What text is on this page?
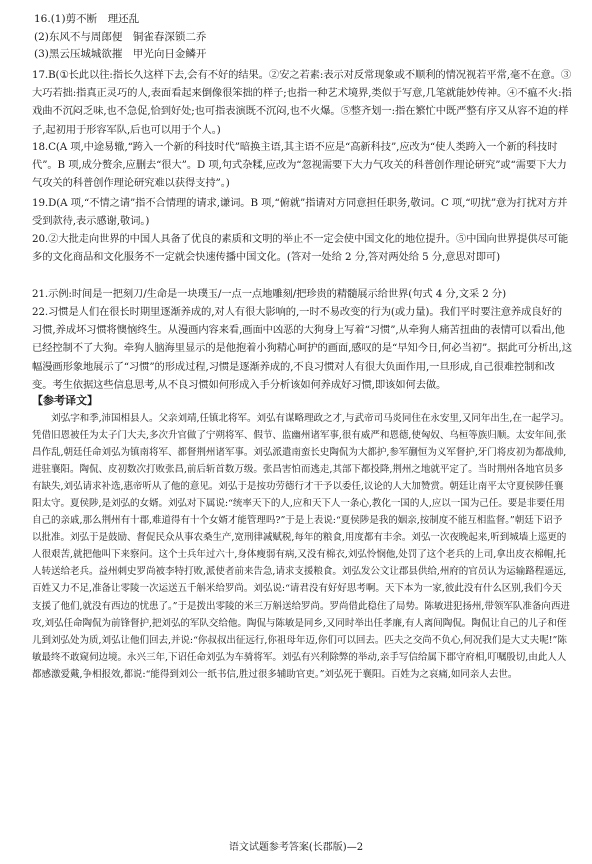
16.(1)剪不断　理还乱
(2)东风不与周郎便　铜雀春深锁二乔
(3)黑云压城城欲摧　甲光向日金鳞开

17.B(①长此以往:指长久这样下去,会有不好的结果。②安之若素:表示对反常现象或不顺利的情况视若平常,毫不在意。③大巧若拙:指真正灵巧的人,表面看起来倒像很笨拙的样子;也指一种艺术境界,类似于写意,几笔就能妙传神。④不瘟不火:指戏曲不沉闷乏味,也不急促,恰到好处;也可指表演既不沉闷,也不火爆。⑤整齐划一:指在繁忙中既严整有序又从容不迫的样子,起初用于形容军队,后也可以用于个人。)

18.C(A 项,中途易辙,“跨入一个新的科技时代”暗换主语,其主语不应是“高新科技”,应改为“使人类跨入一个新的科技时代”。B 项,成分赘余,应删去“很大”。D 项,句式杂糅,应改为“忽视需要下大力气攻关的科普创作理论研究”或“需要下大力气攻关的科普创作理论研究难以获得支持”。)

19.D(A 项,“不情之请”指不合情理的请求,谦词。B 项,“俯就”指请对方同意担任职务,敬词。C 项,“叨扰”意为打扰对方并受到款待,表示感谢,敬词。)

20.②大批走向世界的中国人具备了优良的素质和文明的举止不一定会使中国文化的地位提升。⑤中国向世界提供尽可能多的文化商品和文化服务不一定就会快速传播中国文化。(答对一处给 2 分,答对两处给 5 分,意思对即可)

21.示例:时间是一把刻刀/生命是一块璞玉/一点一点地雕刻/把珍贵的精髓展示给世界(句式 4 分,文采 2 分)

22.习惯是人们在很长时期里逐渐养成的,对人有很大影响的,一时不易改变的行为(或力量)。我们平时要注意养成良好的习惯,养成坏习惯将懊恼终生。从漫画内容来看,画面中凶恶的大狗身上写着“习惯”,从牵狗人痛苦扭曲的表情可以看出,他已经控制不了大狗。牵狗人脑海里显示的是他抱着小狗精心呵护的画面,感叹的是“早知今日,何必当初”。据此可分析出,这幅漫画形象地展示了“习惯”的形成过程,习惯是逐渐养成的,不良习惯对人有很大负面作用,一旦形成,自己很难控制和改变。考生依据这些信息思考,从不良习惯如何形成入手分析该如何养成好习惯,即该如何去做。

【参考译文】

刘弘字和季,沛国相县人。父亲刘靖,任镇北将军。刘弘有谋略理政之才,与武帝司马炎同住在永安里,又同年出生,在一起学习。凭借旧恩被任为太子门大夫,多次升官做了宁朔将军、假节、监幽州诸军事,很有威严和恩德,使匈奴、乌桓等族归顺。太安年间,张昌作乱,朝廷任命刘弘为镇南将军、都督荆州诸军事。刘弘派遣南蛮长史陶侃为大都护,参军蒯恒为义军督护,牙门将皮初为都战帅,进驻襄阳。陶侃、皮初数次打败张昌,前后斩首数万级。张昌害怕而逃走,其部下都投降,荆州之地就平定了。当时荆州各地官员多有缺失,刘弘请求补选,惠帝听从了他的意见。刘弘于是按功劳德行才干予以委任,议论的人大加赞赏。朝廷让南平太守夏侯陟任襄阳太守。夏侯陟,是刘弘的女婿。刘弘对下属说:“统率天下的人,应和天下人一条心,教化一国的人,应以一国为己任。要是非要任用自己的亲戚,那么荆州有十郡,难道得有十个女婿才能管理吗?”于是上表说:“夏侯陟是我的姻亲,按制度不能互相监督。”朝廷下诏予以批准。刘弘于是鼓励、督促民众从事农桑生产,宽刑律减赋税,每年的粮食,用度都有丰余。刘弘一次夜晚起来,听到城墙上巡更的人很艰苦,就把他叫下来察问。这个士兵年过六十,身体瘦弱有病,又没有棉衣,刘弘怜悯他,处罚了这个老兵的上司,拿出皮衣棉帽,托人转送给老兵。益州刺史罗尚被李特打败,派使者前来告急,请求支援粮食。刘弘发公文让郡县供给,州府的官员认为运输路程遥远,百姓又力不足,准备让零陵一次运送五千斛米给罗尚。刘弘说:“请君没有好好思考啊。天下本为一家,彼此没有什么区别,我们今天支援了他们,就没有西边的忧患了。”于是拨出零陵的米三万斛送给罗尚。罗尚借此稳住了局势。陈敏进犯扬州,带领军队准备向西进攻,刘弘任命陶侃为前锋督护,把刘弘的军队交给他。陶侃与陈敏是同乡,又同时举出任孝廉,有人离间陶侃。陶侃让自己的儿子和侄儿到刘弘处为质,刘弘让他们回去,并说:“你叔叔出征远行,你祖母年迈,你们可以回去。匹夫之交尚不负心,何况我们是大丈夫呢!”陈敏最终不敢窥伺边境。永兴三年,下诏任命刘弘为车骑将军。刘弘有兴利除弊的举动,亲手写信给属下郡守府相,叮嘱殷切,由此人人都感激爱戴,争相报效,都说:“能得到刘公一纸书信,胜过很多辅助官吏。”刘弘死于襄阳。百姓为之哀痛,如同亲人去世。

语文试题参考答案(长郡版)—2
